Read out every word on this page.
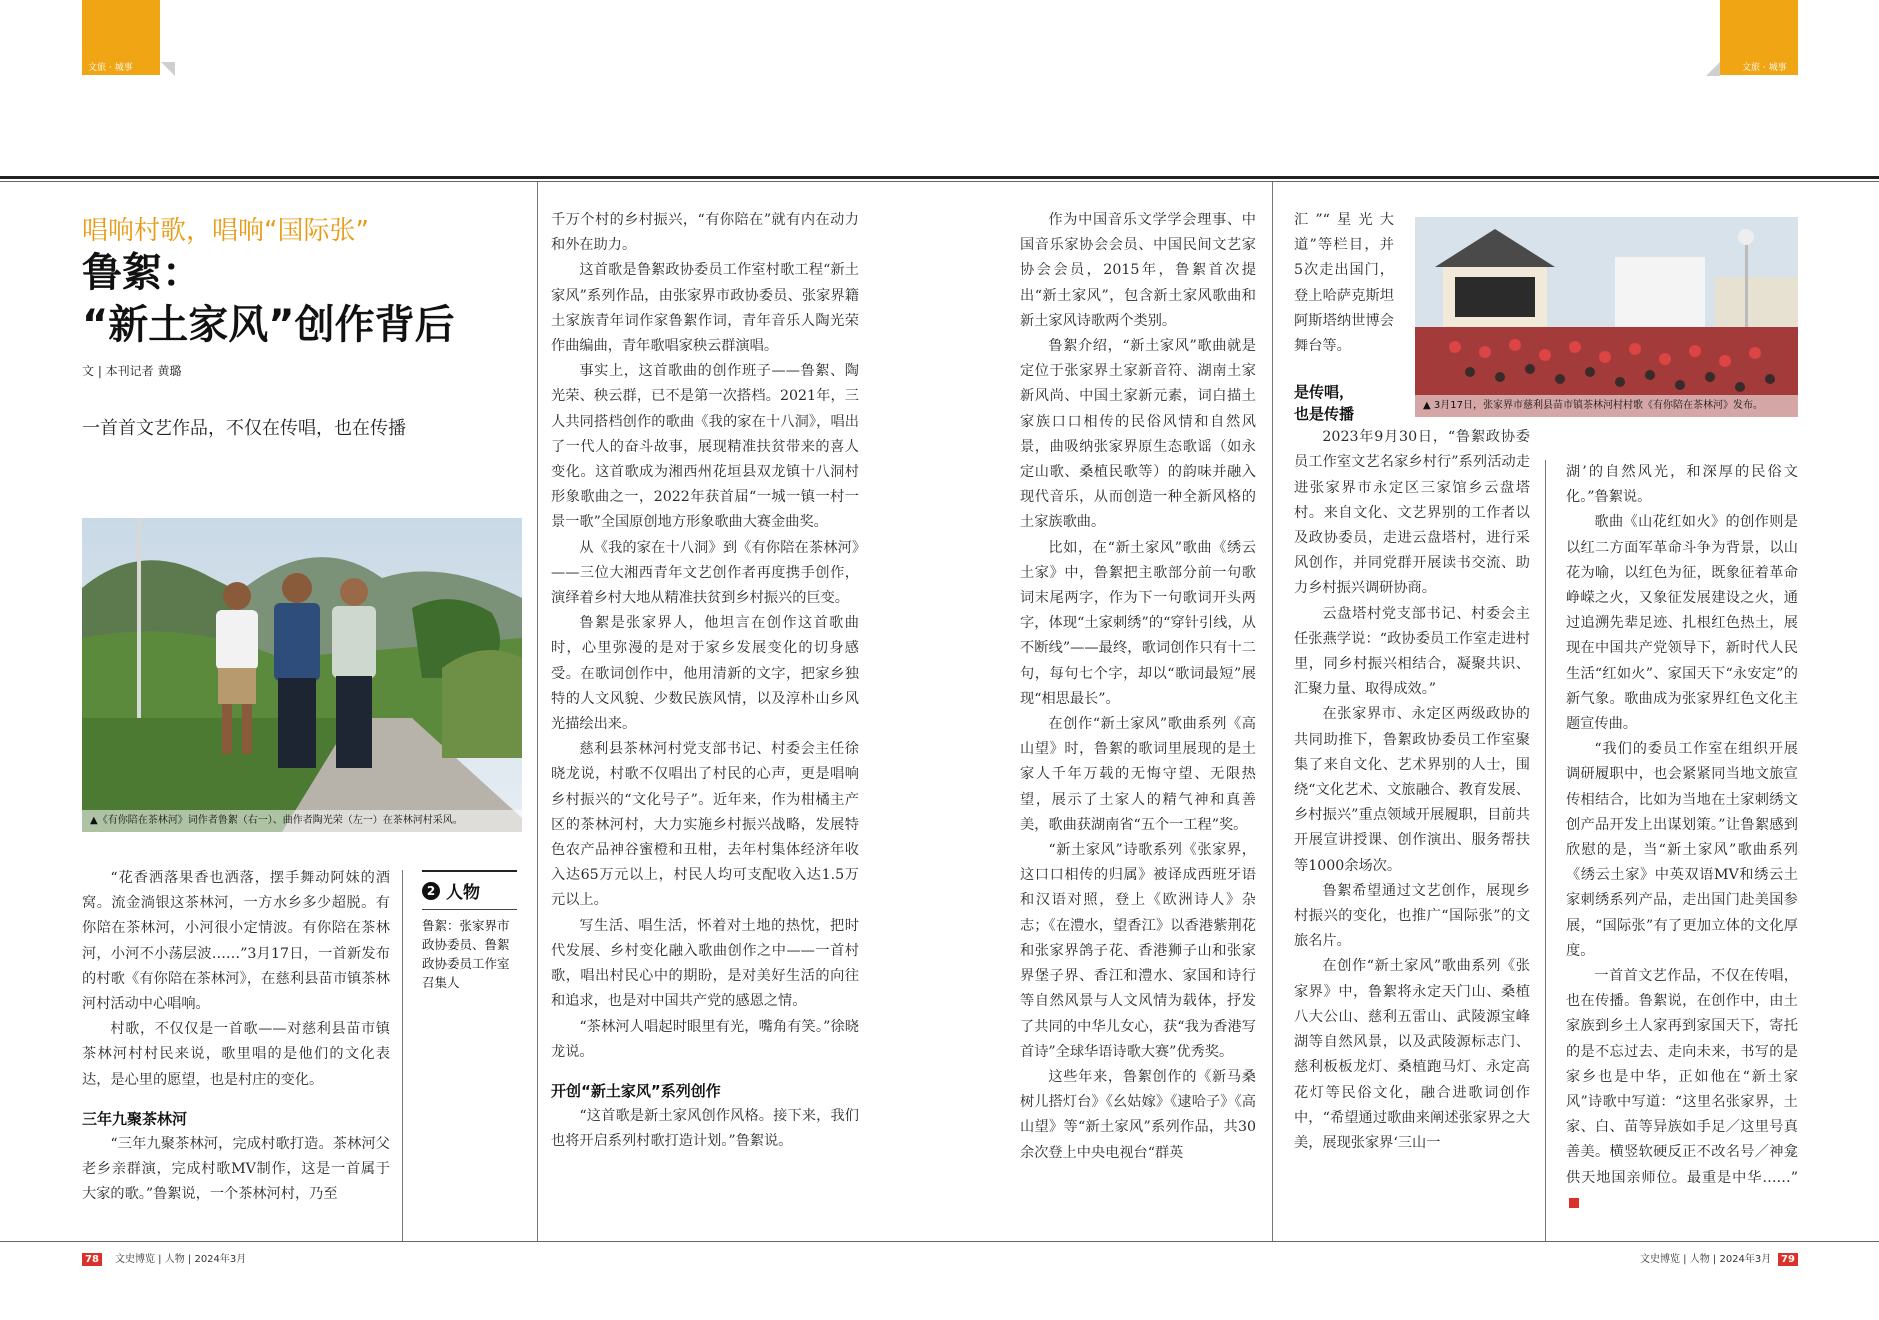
文旅 · 城事	文旅 · 城事
唱响村歌，唱响“国际张”
鲁絮：
“新土家风”创作背后
文 | 本刊记者 黄璐
一首首文艺作品，不仅在传唱，也在传播
▲《有你陪在茶林河》词作者鲁絮（右一）、曲作者陶光荣（左一）在茶林河村采风。
▲ 3月17日，张家界市慈利县苗市镇茶林河村村歌《有你陪在茶林河》发布。

“花香洒落果香也洒落，摆手舞动阿妹的酒窝。流金淌银这茶林河，一方水乡多少超脱。有你陪在茶林河，小河很小定情波。有你陪在茶林河，小河不小荡层波……”3月17日，一首新发布的村歌《有你陪在茶林河》，在慈利县苗市镇茶林河村活动中心唱响。

村歌，不仅仅是一首歌——对慈利县苗市镇茶林河村村民来说，歌里唱的是他们的文化表达，是心里的愿望，也是村庄的变化。

三年九聚茶林河

“三年九聚茶林河，完成村歌打造。茶林河父老乡亲群演，完成村歌MV制作，这是一首属于大家的歌。”鲁絮说，一个茶林河村，乃至

2 人物
鲁絮：张家界市政协委员、鲁絮政协委员工作室召集人

千万个村的乡村振兴，“有你陪在”就有内在动力和外在助力。

这首歌是鲁絮政协委员工作室村歌工程“新土家风”系列作品，由张家界市政协委员、张家界籍土家族青年词作家鲁絮作词，青年音乐人陶光荣作曲编曲，青年歌唱家秧云群演唱。

事实上，这首歌曲的创作班子——鲁絮、陶光荣、秧云群，已不是第一次搭档。2021年，三人共同搭档创作的歌曲《我的家在十八洞》，唱出了一代人的奋斗故事，展现精准扶贫带来的喜人变化。这首歌成为湘西州花垣县双龙镇十八洞村形象歌曲之一，2022年获首届“一城一镇一村一景一歌”全国原创地方形象歌曲大赛金曲奖。

从《我的家在十八洞》到《有你陪在茶林河》——三位大湘西青年文艺创作者再度携手创作，演绎着乡村大地从精准扶贫到乡村振兴的巨变。

鲁絮是张家界人，他坦言在创作这首歌曲时，心里弥漫的是对于家乡发展变化的切身感受。在歌词创作中，他用清新的文字，把家乡独特的人文风貌、少数民族风情，以及淳朴山乡风光描绘出来。

慈利县茶林河村党支部书记、村委会主任徐晓龙说，村歌不仅唱出了村民的心声，更是唱响乡村振兴的“文化号子”。近年来，作为柑橘主产区的茶林河村，大力实施乡村振兴战略，发展特色农产品神谷蜜橙和丑柑，去年村集体经济年收入达65万元以上，村民人均可支配收入达1.5万元以上。

写生活、唱生活，怀着对土地的热忱，把时代发展、乡村变化融入歌曲创作之中——一首村歌，唱出村民心中的期盼，是对美好生活的向往和追求，也是对中国共产党的感恩之情。

“茶林河人唱起时眼里有光，嘴角有笑。”徐晓龙说。

开创“新土家风”系列创作

“这首歌是新土家风创作风格。接下来，我们也将开启系列村歌打造计划。”鲁絮说。

作为中国音乐文学学会理事、中国音乐家协会会员、中国民间文艺家协会会员，2015年，鲁絮首次提出“新土家风”，包含新土家风歌曲和新土家风诗歌两个类别。

鲁絮介绍，“新土家风”歌曲就是定位于张家界土家新音符、湖南土家新风尚、中国土家新元素，词白描土家族口口相传的民俗风情和自然风景，曲吸纳张家界原生态歌谣（如永定山歌、桑植民歌等）的韵味并融入现代音乐，从而创造一种全新风格的土家族歌曲。

比如，在“新土家风”歌曲《绣云土家》中，鲁絮把主歌部分前一句歌词末尾两字，作为下一句歌词开头两字，体现“土家刺绣”的“穿针引线，从不断线”——最终，歌词创作只有十二句，每句七个字，却以“歌词最短”展现“相思最长”。

在创作“新土家风”歌曲系列《高山望》时，鲁絮的歌词里展现的是土家人千年万载的无悔守望、无限热望，展示了土家人的精气神和真善美，歌曲获湖南省“五个一工程”奖。

“新土家风”诗歌系列《张家界，这口口相传的归属》被译成西班牙语和汉语对照，登上《欧洲诗人》杂志；《在澧水，望香江》以香港紫荆花和张家界鸽子花、香港狮子山和张家界堡子界、香江和澧水、家国和诗行等自然风景与人文风情为载体，抒发了共同的中华儿女心，获“我为香港写首诗”全球华语诗歌大赛”优秀奖。

这些年来，鲁絮创作的《新马桑树儿搭灯台》《幺姑嫁》《逮哈子》《高山望》等“新土家风”系列作品，共30余次登上中央电视台“群英

汇”“星光大道”等栏目，并5次走出国门，登上哈萨克斯坦阿斯塔纳世博会舞台等。

是传唱，
也是传播

2023年9月30日，“鲁絮政协委员工作室文艺名家乡村行”系列活动走进张家界市永定区三家馆乡云盘塔村。来自文化、文艺界别的工作者以及政协委员，走进云盘塔村，进行采风创作，并同党群开展读书交流、助力乡村振兴调研协商。

云盘塔村党支部书记、村委会主任张燕学说：“政协委员工作室走进村里，同乡村振兴相结合，凝聚共识、汇聚力量、取得成效。”

在张家界市、永定区两级政协的共同助推下，鲁絮政协委员工作室聚集了来自文化、艺术界别的人士，围绕“文化艺术、文旅融合、教育发展、乡村振兴”重点领域开展履职，目前共开展宣讲授课、创作演出、服务帮扶等1000余场次。

鲁絮希望通过文艺创作，展现乡村振兴的变化，也推广“国际张”的文旅名片。

在创作“新土家风”歌曲系列《张家界》中，鲁絮将永定天门山、桑植八大公山、慈利五雷山、武陵源宝峰湖等自然风景，以及武陵源标志门、慈利板板龙灯、桑植跑马灯、永定高花灯等民俗文化，融合进歌词创作中，“希望通过歌曲来阐述张家界之大美，展现张家界‘三山一

湖’的自然风光，和深厚的民俗文化。”鲁絮说。

歌曲《山花红如火》的创作则是以红二方面军革命斗争为背景，以山花为喻，以红色为征，既象征着革命峥嵘之火，又象征发展建设之火，通过追溯先辈足迹、扎根红色热土，展现在中国共产党领导下，新时代人民生活“红如火”、家国天下“永安定”的新气象。歌曲成为张家界红色文化主题宣传曲。

“我们的委员工作室在组织开展调研履职中，也会紧紧同当地文旅宣传相结合，比如为当地在土家刺绣文创产品开发上出谋划策。”让鲁絮感到欣慰的是，当“新土家风”歌曲系列《绣云土家》中英双语MV和绣云土家刺绣系列产品，走出国门赴美国参展，“国际张”有了更加立体的文化厚度。

一首首文艺作品，不仅在传唱，也在传播。鲁絮说，在创作中，由土家族到乡土人家再到家国天下，寄托的是不忘过去、走向未来，书写的是家乡也是中华，正如他在“新土家风”诗歌中写道：“这里名张家界，土家、白、苗等异族如手足／这里号真善美。横竖软硬反正不改名号／神龛供天地国亲师位。最重是中华……”

78	文史博览 | 人物 | 2024年3月	文史博览 | 人物 | 2024年3月 79
